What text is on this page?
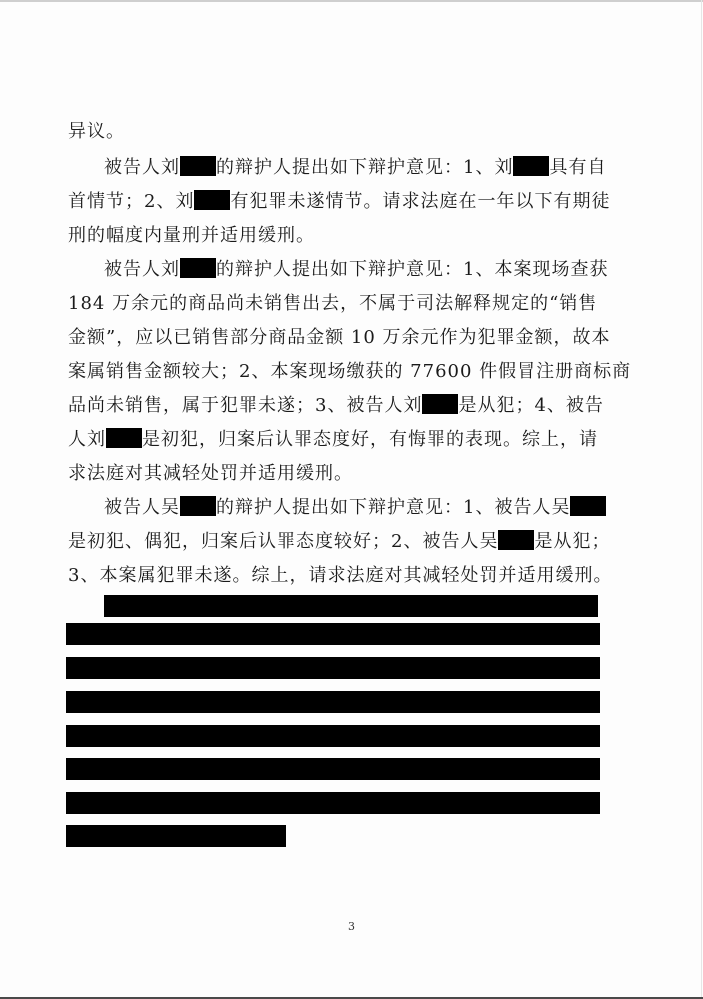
异议。
被告人刘 的辩护人提出如下辩护意见：1、刘 具有自
首情节；2、刘 有犯罪未遂情节。请求法庭在一年以下有期徒
刑的幅度内量刑并适用缓刑。
被告人刘 的辩护人提出如下辩护意见：1、本案现场查获
184 万余元的商品尚未销售出去，不属于司法解释规定的“销售
金额”，应以已销售部分商品金额 10 万余元作为犯罪金额，故本
案属销售金额较大；2、本案现场缴获的 77600 件假冒注册商标商
品尚未销售，属于犯罪未遂；3、被告人刘 是从犯；4、被告
人刘 是初犯，归案后认罪态度好，有悔罪的表现。综上，请
求法庭对其减轻处罚并适用缓刑。
被告人吴 的辩护人提出如下辩护意见：1、被告人吴
是初犯、偶犯，归案后认罪态度较好；2、被告人吴 是从犯；
3、本案属犯罪未遂。综上，请求法庭对其减轻处罚并适用缓刑。
3
